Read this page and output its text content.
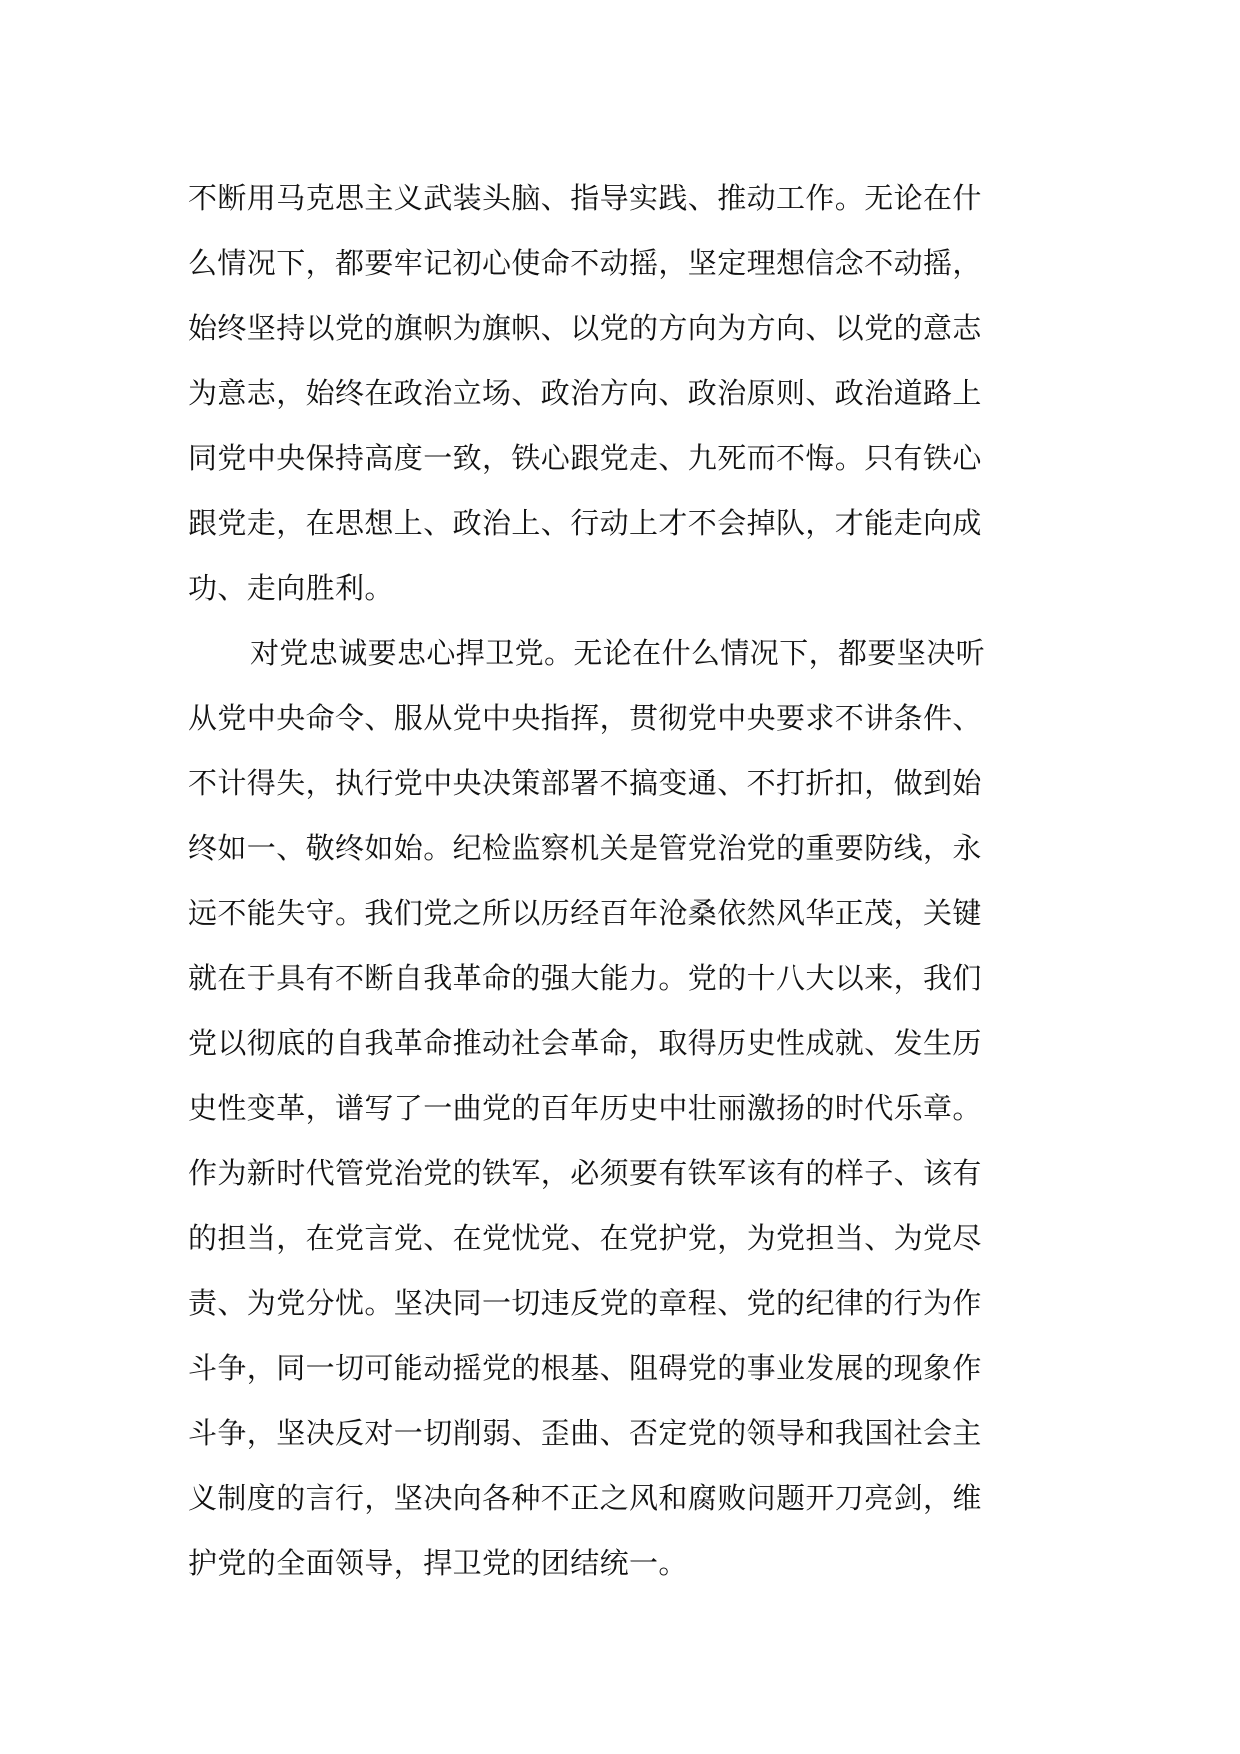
不断用马克思主义武装头脑、指导实践、推动工作。无论在什
么情况下，都要牢记初心使命不动摇，坚定理想信念不动摇，
始终坚持以党的旗帜为旗帜、以党的方向为方向、以党的意志
为意志，始终在政治立场、政治方向、政治原则、政治道路上
同党中央保持高度一致，铁心跟党走、九死而不悔。只有铁心
跟党走，在思想上、政治上、行动上才不会掉队，才能走向成
功、走向胜利。
对党忠诚要忠心捍卫党。无论在什么情况下，都要坚决听
从党中央命令、服从党中央指挥，贯彻党中央要求不讲条件、
不计得失，执行党中央决策部署不搞变通、不打折扣，做到始
终如一、敬终如始。纪检监察机关是管党治党的重要防线，永
远不能失守。我们党之所以历经百年沧桑依然风华正茂，关键
就在于具有不断自我革命的强大能力。党的十八大以来，我们
党以彻底的自我革命推动社会革命，取得历史性成就、发生历
史性变革，谱写了一曲党的百年历史中壮丽激扬的时代乐章。
作为新时代管党治党的铁军，必须要有铁军该有的样子、该有
的担当，在党言党、在党忧党、在党护党，为党担当、为党尽
责、为党分忧。坚决同一切违反党的章程、党的纪律的行为作
斗争，同一切可能动摇党的根基、阻碍党的事业发展的现象作
斗争，坚决反对一切削弱、歪曲、否定党的领导和我国社会主
义制度的言行，坚决向各种不正之风和腐败问题开刀亮剑，维
护党的全面领导，捍卫党的团结统一。
